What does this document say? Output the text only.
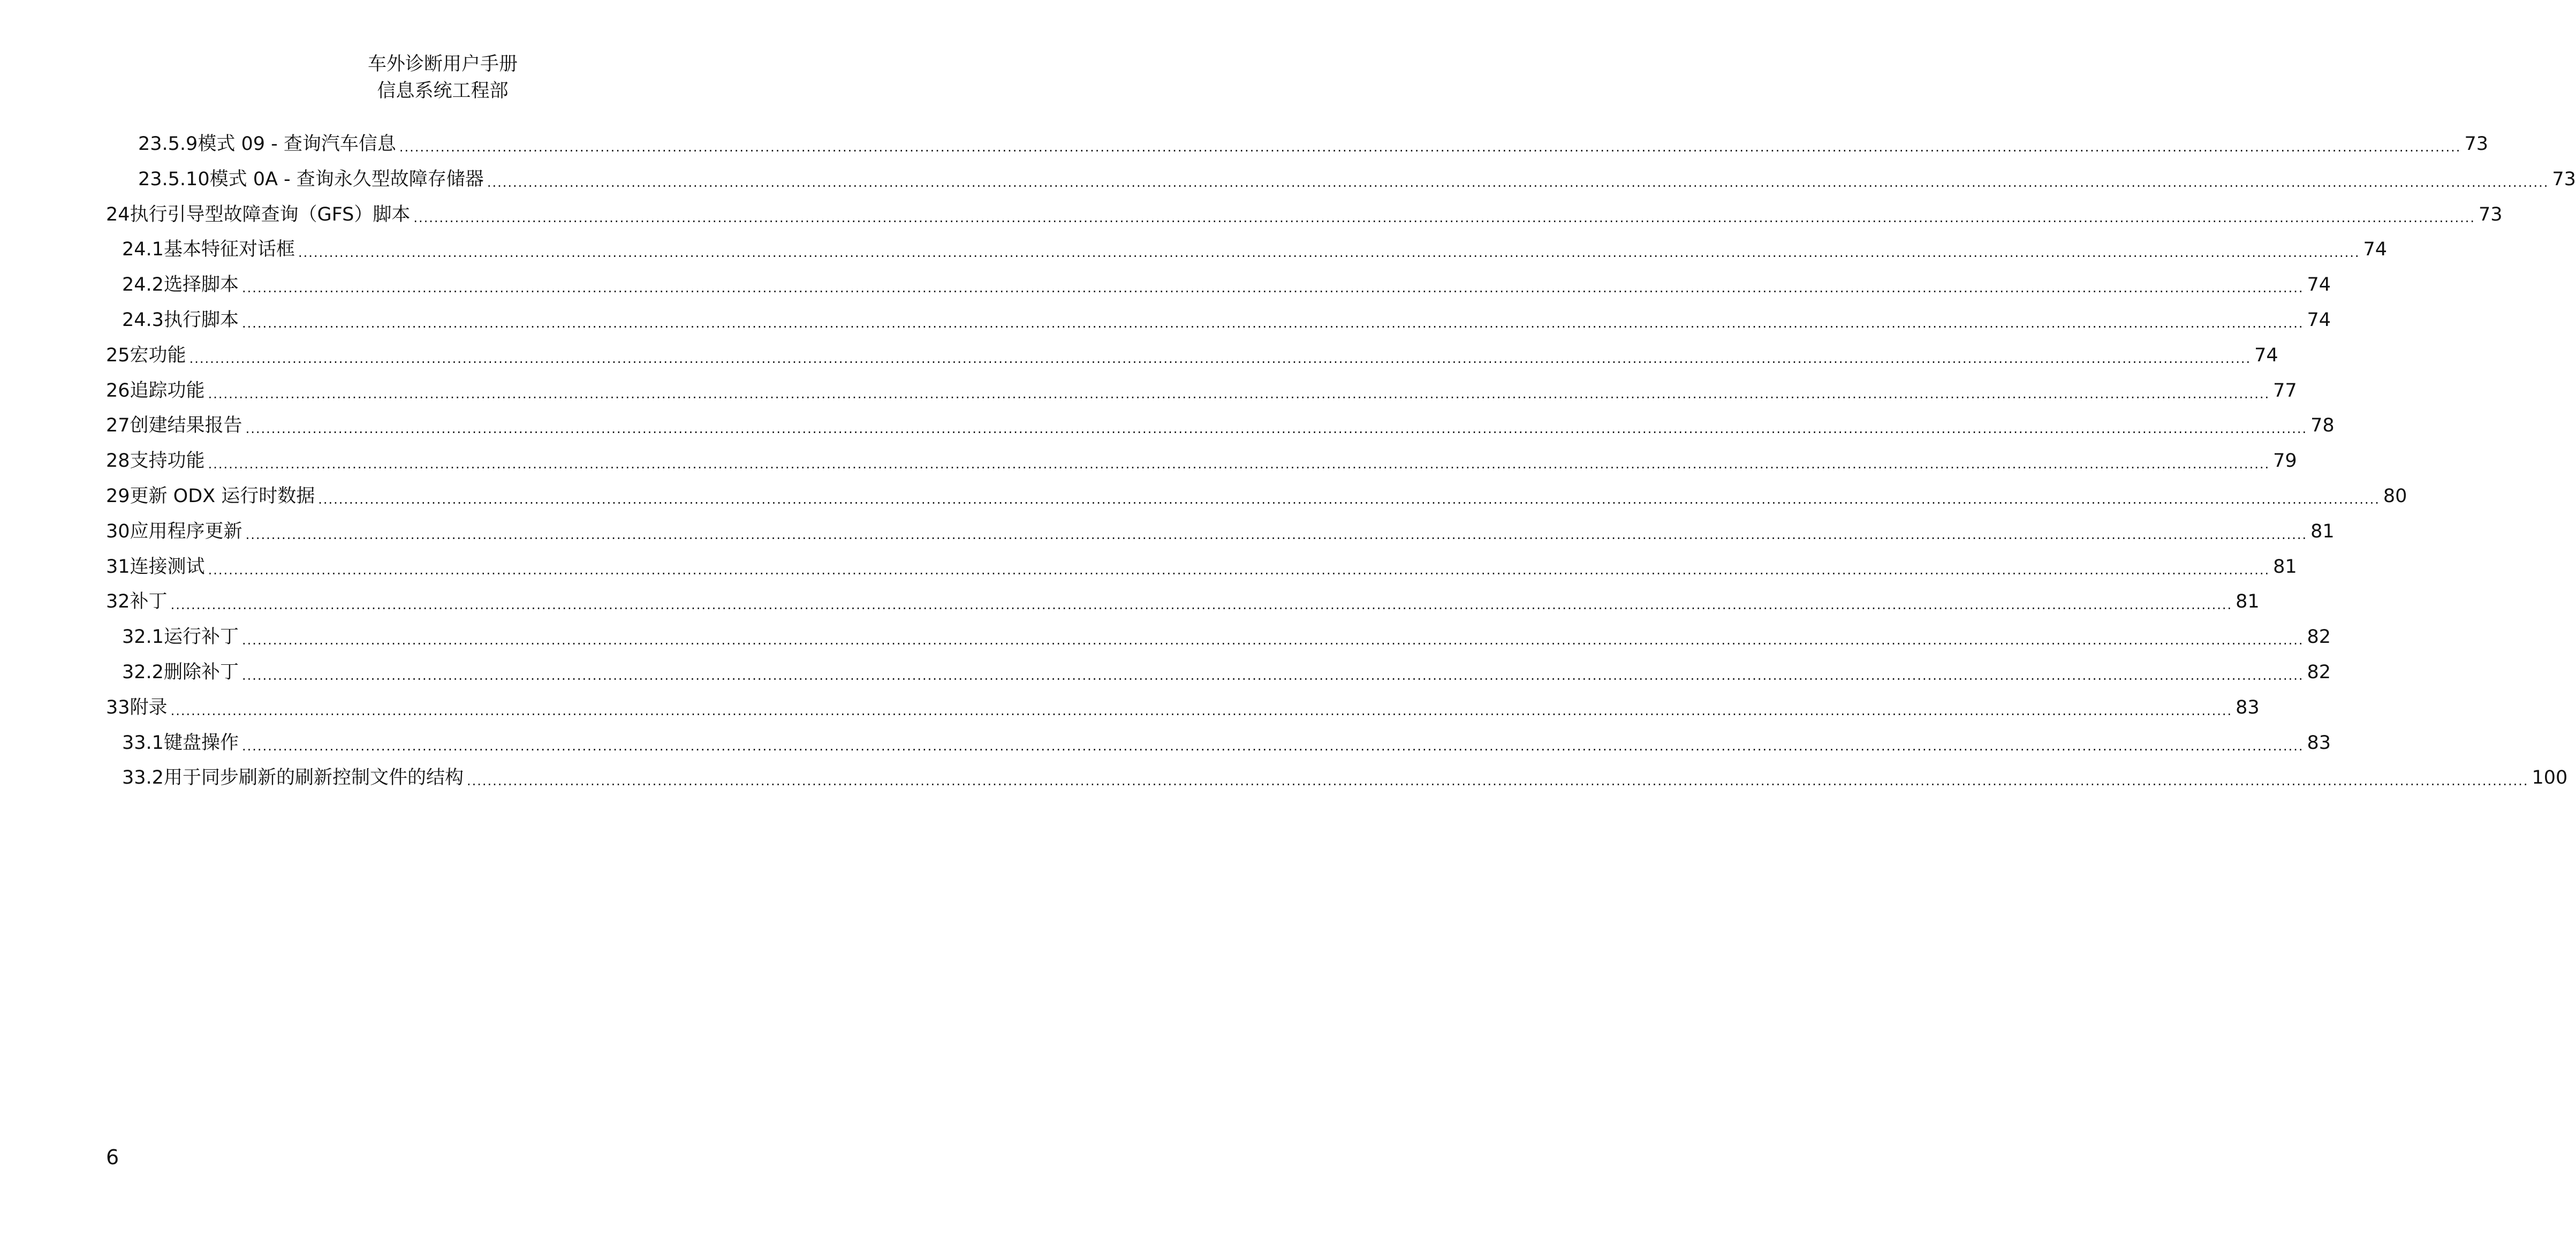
车外诊断用户手册
信息系统工程部
23.5.9 模式 09 - 查询汽车信息 ................................................................................................................................................................................................................................................................................................................................................................................................................ 73
23.5.10 模式 0A - 查询永久型故障存储器 ................................................................................................................................................................................................................................................................................................................................................................................................................ 73
24 执行引导型故障查询（GFS）脚本 ................................................................................................................................................................................................................................................................................................................................................................................................................ 73
24.1 基本特征对话框 ................................................................................................................................................................................................................................................................................................................................................................................................................ 74
24.2 选择脚本 ................................................................................................................................................................................................................................................................................................................................................................................................................ 74
24.3 执行脚本 ................................................................................................................................................................................................................................................................................................................................................................................................................ 74
25 宏功能 ................................................................................................................................................................................................................................................................................................................................................................................................................ 74
26 追踪功能 ................................................................................................................................................................................................................................................................................................................................................................................................................ 77
27 创建结果报告 ................................................................................................................................................................................................................................................................................................................................................................................................................ 78
28 支持功能 ................................................................................................................................................................................................................................................................................................................................................................................................................ 79
29 更新 ODX 运行时数据 ................................................................................................................................................................................................................................................................................................................................................................................................................ 80
30 应用程序更新 ................................................................................................................................................................................................................................................................................................................................................................................................................ 81
31 连接测试 ................................................................................................................................................................................................................................................................................................................................................................................................................ 81
32 补丁 ................................................................................................................................................................................................................................................................................................................................................................................................................ 81
32.1 运行补丁 ................................................................................................................................................................................................................................................................................................................................................................................................................ 82
32.2 删除补丁 ................................................................................................................................................................................................................................................................................................................................................................................................................ 82
33 附录 ................................................................................................................................................................................................................................................................................................................................................................................................................ 83
33.1 键盘操作 ................................................................................................................................................................................................................................................................................................................................................................................................................ 83
33.2 用于同步刷新的刷新控制文件的结构 ................................................................................................................................................................................................................................................................................................................................................................................................................ 100
6
